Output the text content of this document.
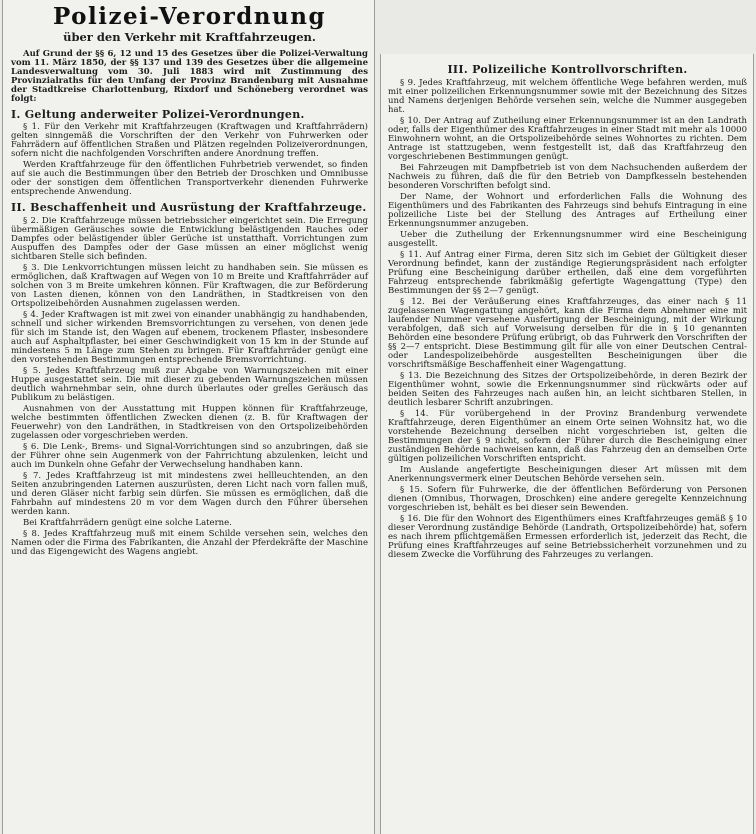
Polizei-Verordnung
über den Verkehr mit Kraftfahrzeugen.

Auf Grund der §§ 6, 12 und 15 des Gesetzes über die Polizei-Verwaltung vom 11. März 1850, der §§ 137 und 139 des Gesetzes über die allgemeine Landesverwaltung vom 30. Juli 1883 wird mit Zustimmung des Provinzialraths für den Umfang der Provinz Brandenburg mit Ausnahme der Stadtkreise Charlottenburg, Rixdorf und Schöneberg verordnet was folgt:

I. Geltung anderweiter Polizei-Verordnungen.

§ 1. Für den Verkehr mit Kraftfahrzeugen (Kraftwagen und Kraftfahrrädern) gelten sinngemäß die Vorschriften der den Verkehr von Fuhrwerken oder Fahrrädern auf öffentlichen Straßen und Plätzen regelnden Polizeiverordnungen, sofern nicht die nachfolgenden Vorschriften andere Anordnung treffen.

Werden Kraftfahrzeuge für den öffentlichen Fuhrbetrieb verwendet, so finden auf sie auch die Bestimmungen über den Betrieb der Droschken und Omnibusse oder der sonstigen dem öffentlichen Transportverkehr dienenden Fuhrwerke entsprechende Anwendung.

II. Beschaffenheit und Ausrüstung der Kraftfahrzeuge.

§ 2. Die Kraftfahrzeuge müssen betriebssicher eingerichtet sein. Die Erregung übermäßigen Geräusches sowie die Entwicklung belästigenden Rauches oder Dampfes oder belästigender übler Gerüche ist unstatthaft. Vorrichtungen zum Auspuffen des Dampfes oder der Gase müssen an einer möglichst wenig sichtbaren Stelle sich befinden.

§ 3. Die Lenkvorrichtungen müssen leicht zu handhaben sein. Sie müssen es ermöglichen, daß Kraftwagen auf Wegen von 10 m Breite und Kraftfahrräder auf solchen von 3 m Breite umkehren können. Für Kraftwagen, die zur Beförderung von Lasten dienen, können von den Landräthen, in Stadtkreisen von den Ortspolizeibehörden Ausnahmen zugelassen werden.

§ 4. Jeder Kraftwagen ist mit zwei von einander unabhängig zu handhabenden, schnell und sicher wirkenden Bremsvorrichtungen zu versehen, von denen jede für sich im Stande ist, den Wagen auf ebenem, trockenem Pflaster, insbesondere auch auf Asphaltpflaster, bei einer Geschwindigkeit von 15 km in der Stunde auf mindestens 5 m Länge zum Stehen zu bringen. Für Kraftfahrräder genügt eine den vorstehenden Bestimmungen entsprechende Bremsvorrichtung.

§ 5. Jedes Kraftfahrzeug muß zur Abgabe von Warnungszeichen mit einer Huppe ausgestattet sein. Die mit dieser zu gebenden Warnungszeichen müssen deutlich wahrnehmbar sein, ohne durch überlautes oder grelles Geräusch das Publikum zu belästigen.

Ausnahmen von der Ausstattung mit Huppen können für Kraftfahrzeuge, welche bestimmten öffentlichen Zwecken dienen (z. B. für Kraftwagen der Feuerwehr) von den Landräthen, in Stadtkreisen von den Ortspolizeibehörden zugelassen oder vorgeschrieben werden.

§ 6. Die Lenk-, Brems- und Signal-Vorrichtungen sind so anzubringen, daß sie der Führer ohne sein Augenmerk von der Fahrrichtung abzulenken, leicht und auch im Dunkeln ohne Gefahr der Verwechselung handhaben kann.

§ 7. Jedes Kraftfahrzeug ist mit mindestens zwei hellleuchtenden, an den Seiten anzubringenden Laternen auszurüsten, deren Licht nach vorn fallen muß, und deren Gläser nicht farbig sein dürfen. Sie müssen es ermöglichen, daß die Fahrbahn auf mindestens 20 m vor dem Wagen durch den Führer übersehen werden kann.

Bei Kraftfahrrädern genügt eine solche Laterne.

§ 8. Jedes Kraftfahrzeug muß mit einem Schilde versehen sein, welches den Namen oder die Firma des Fabrikanten, die Anzahl der Pferdekräfte der Maschine und das Eigengewicht des Wagens angiebt.

III. Polizeiliche Kontrollvorschriften.

§ 9. Jedes Kraftfahrzeug, mit welchem öffentliche Wege befahren werden, muß mit einer polizeilichen Erkennungsnummer sowie mit der Bezeichnung des Sitzes und Namens derjenigen Behörde versehen sein, welche die Nummer ausgegeben hat.

§ 10. Der Antrag auf Zutheilung einer Erkennungsnummer ist an den Landrath oder, falls der Eigenthümer des Kraftfahrzeuges in einer Stadt mit mehr als 10000 Einwohnern wohnt, an die Ortspolizeibehörde seines Wohnortes zu richten. Dem Antrage ist stattzugeben, wenn festgestellt ist, daß das Kraftfahrzeug den vorgeschriebenen Bestimmungen genügt.

Bei Fahrzeugen mit Dampfbetrieb ist von dem Nachsuchenden außerdem der Nachweis zu führen, daß die für den Betrieb von Dampfkesseln bestehenden besonderen Vorschriften befolgt sind.

Der Name, der Wohnort und erforderlichen Falls die Wohnung des Eigenthümers und des Fabrikanten des Fahrzeugs sind behufs Eintragung in eine polizeiliche Liste bei der Stellung des Antrages auf Ertheilung einer Erkennungsnummer anzugeben.

Ueber die Zutheilung der Erkennungsnummer wird eine Bescheinigung ausgestellt.

§ 11. Auf Antrag einer Firma, deren Sitz sich im Gebiet der Gültigkeit dieser Verordnung befindet, kann der zuständige Regierungspräsident nach erfolgter Prüfung eine Bescheinigung darüber ertheilen, daß eine dem vorgeführten Fahrzeug entsprechende fabrikmäßig gefertigte Wagengattung (Type) den Bestimmungen der §§ 2—7 genügt.

§ 12. Bei der Veräußerung eines Kraftfahrzeuges, das einer nach § 11 zugelassenen Wagengattung angehört, kann die Firma dem Abnehmer eine mit laufender Nummer versehene Ausfertigung der Bescheinigung, mit der Wirkung verabfolgen, daß sich auf Vorweisung derselben für die in § 10 genannten Behörden eine besondere Prüfung erübrigt, ob das Fuhrwerk den Vorschriften der §§ 2—7 entspricht. Diese Bestimmung gilt für alle von einer Deutschen Central- oder Landespolizeibehörde ausgestellten Bescheinigungen über die vorschriftsmäßige Beschaffenheit einer Wagengattung.

§ 13. Die Bezeichnung des Sitzes der Ortspolizeibehörde, in deren Bezirk der Eigenthümer wohnt, sowie die Erkennungsnummer sind rückwärts oder auf beiden Seiten des Fahrzeuges nach außen hin, an leicht sichtbaren Stellen, in deutlich lesbarer Schrift anzubringen.

§ 14. Für vorübergehend in der Provinz Brandenburg verwendete Kraftfahrzeuge, deren Eigenthümer an einem Orte seinen Wohnsitz hat, wo die vorstehende Bezeichnung derselben nicht vorgeschrieben ist, gelten die Bestimmungen der § 9 nicht, sofern der Führer durch die Bescheinigung einer zuständigen Behörde nachweisen kann, daß das Fahrzeug den an demselben Orte gültigen polizeilichen Vorschriften entspricht.

Im Auslande angefertigte Bescheinigungen dieser Art müssen mit dem Anerkennungsvermerk einer Deutschen Behörde versehen sein.

§ 15. Sofern für Fuhrwerke, die der öffentlichen Beförderung von Personen dienen (Omnibus, Thorwagen, Droschken) eine andere geregelte Kennzeichnung vorgeschrieben ist, behält es bei dieser sein Bewenden.

§ 16. Die für den Wohnort des Eigenthümers eines Kraftfahrzeuges gemäß § 10 dieser Verordnung zuständige Behörde (Landrath, Ortspolizeibehörde) hat, sofern es nach ihrem pflichtgemäßen Ermessen erforderlich ist, jederzeit das Recht, die Prüfung eines Kraftfahrzeuges auf seine Betriebssicherheit vorzunehmen und zu diesem Zwecke die Vorführung des Fahrzeuges zu verlangen.
